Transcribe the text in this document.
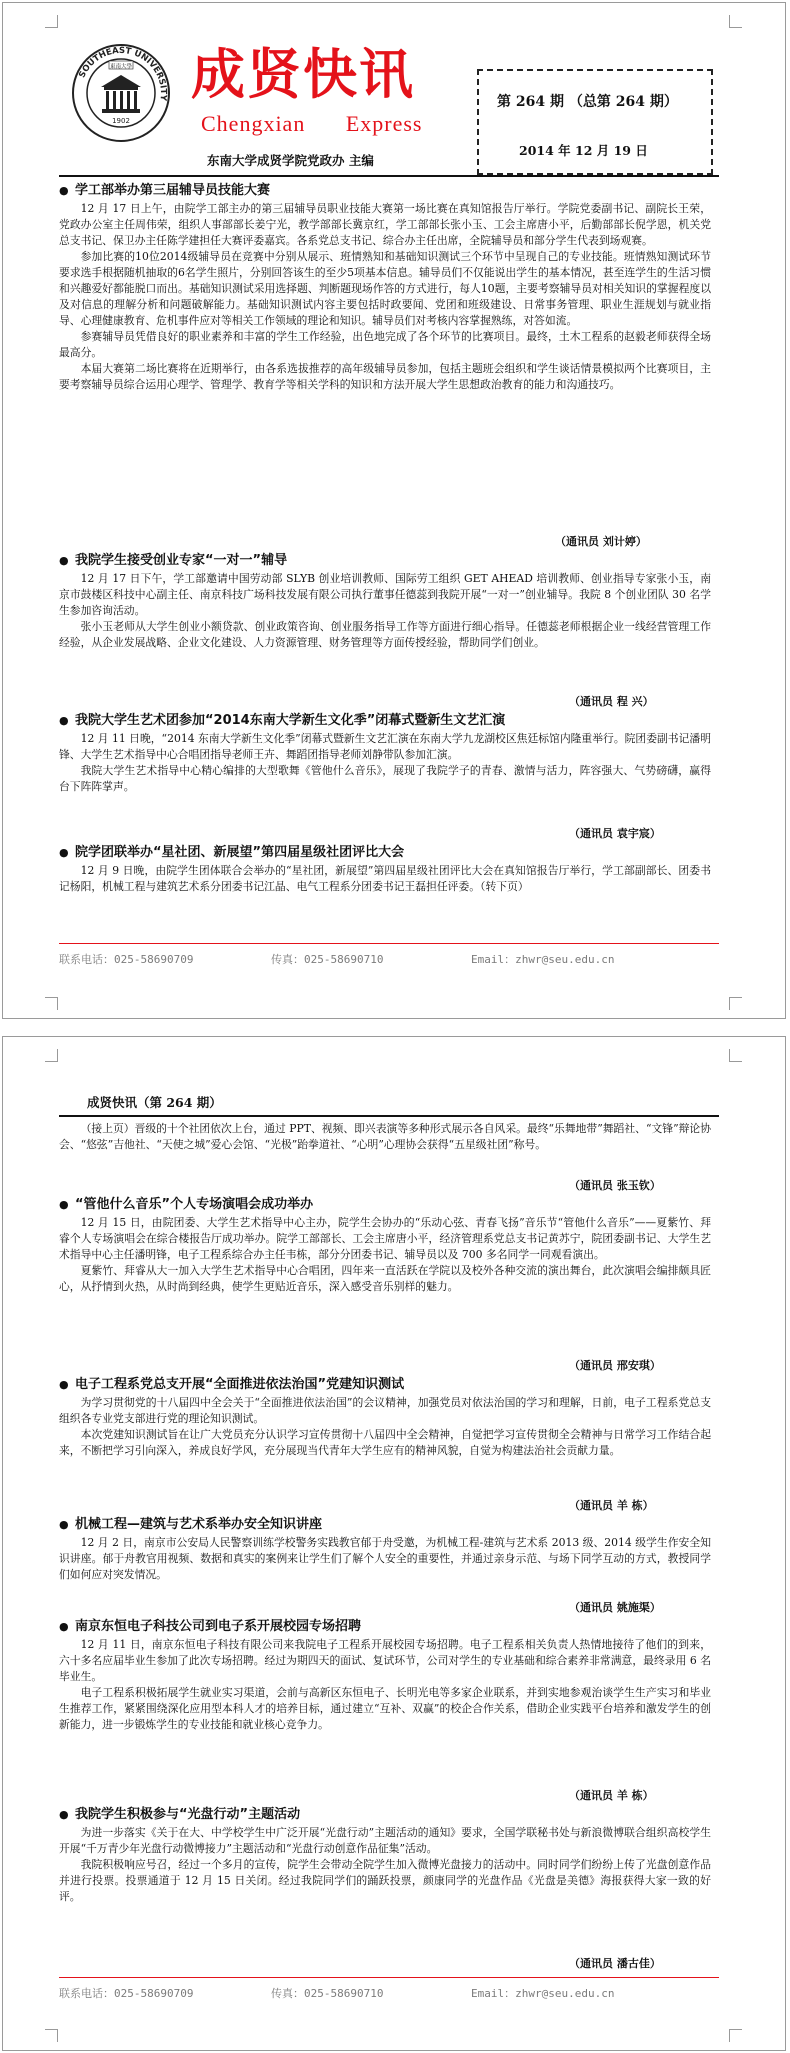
SOUTHEAST UNIVERSITY
東南大學
1902
成贤快讯
Chengxian Express
东南大学成贤学院党政办 主编
第 264 期 （总第 264 期）
2014 年 12 月 19 日
● 学工部举办第三届辅导员技能大赛

12 月 17 日上午，由院学工部主办的第三届辅导员职业技能大赛第一场比赛在真知馆报告厅举行。学院党委副书记、副院长王荣，党政办公室主任周伟荣，组织人事部部长姜宁光，教学部部长冀京红，学工部部长张小玉、工会主席唐小平，后勤部部长倪学恩，机关党总支书记、保卫办主任陈学建担任大赛评委嘉宾。各系党总支书记、综合办主任出席，全院辅导员和部分学生代表到场观赛。

参加比赛的10位2014级辅导员在竞赛中分别从展示、班情熟知和基础知识测试三个环节中呈现自己的专业技能。班情熟知测试环节要求选手根据随机抽取的6名学生照片，分别回答该生的至少5项基本信息。辅导员们不仅能说出学生的基本情况，甚至连学生的生活习惯和兴趣爱好都能脱口而出。基础知识测试采用选择题、判断题现场作答的方式进行，每人10题，主要考察辅导员对相关知识的掌握程度以及对信息的理解分析和问题破解能力。基础知识测试内容主要包括时政要闻、党团和班级建设、日常事务管理、职业生涯规划与就业指导、心理健康教育、危机事件应对等相关工作领域的理论和知识。辅导员们对考核内容掌握熟练，对答如流。

参赛辅导员凭借良好的职业素养和丰富的学生工作经验，出色地完成了各个环节的比赛项目。最终，土木工程系的赵毅老师获得全场最高分。

本届大赛第二场比赛将在近期举行，由各系选拔推荐的高年级辅导员参加，包括主题班会组织和学生谈话情景模拟两个比赛项目，主要考察辅导员综合运用心理学、管理学、教育学等相关学科的知识和方法开展大学生思想政治教育的能力和沟通技巧。

（通讯员 刘计婷）
● 我院学生接受创业专家“一对一”辅导

12 月 17 日下午，学工部邀请中国劳动部 SLYB 创业培训教师、国际劳工组织 GET AHEAD 培训教师、创业指导专家张小玉，南京市鼓楼区科技中心副主任、南京科技广场科技发展有限公司执行董事任德蕊到我院开展“一对一”创业辅导。我院 8 个创业团队 30 名学生参加咨询活动。

张小玉老师从大学生创业小额贷款、创业政策咨询、创业服务指导工作等方面进行细心指导。任德蕊老师根据企业一线经营管理工作经验，从企业发展战略、企业文化建设、人力资源管理、财务管理等方面传授经验，帮助同学们创业。

（通讯员 程 兴）
● 我院大学生艺术团参加“2014东南大学新生文化季”闭幕式暨新生文艺汇演

12 月 11 日晚，“2014 东南大学新生文化季”闭幕式暨新生文艺汇演在东南大学九龙湖校区焦廷标馆内隆重举行。院团委副书记潘明锋、大学生艺术指导中心合唱团指导老师王卉、舞蹈团指导老师刘静带队参加汇演。

我院大学生艺术指导中心精心编排的大型歌舞《管他什么音乐》，展现了我院学子的青春、激情与活力，阵容强大、气势磅礴，赢得台下阵阵掌声。

（通讯员 袁宇宸）
● 院学团联举办“星社团、新展望”第四届星级社团评比大会

12 月 9 日晚，由院学生团体联合会举办的“星社团，新展望”第四届星级社团评比大会在真知馆报告厅举行，学工部副部长、团委书记杨阳，机械工程与建筑艺术系分团委书记江晶、电气工程系分团委书记王磊担任评委。（转下页）

联系电话：025-58690709	传真：025-58690710	Email：zhwr@seu.edu.cn
成贤快讯（第 264 期）

（接上页）晋级的十个社团依次上台，通过 PPT、视频、即兴表演等多种形式展示各自风采。最终“乐舞地带”舞蹈社、“文锋”辩论协会、“悠弦”吉他社、“天使之城”爱心会馆、“光极”跆拳道社、“心明”心理协会获得“五星级社团”称号。

（通讯员 张玉钦）
● “管他什么音乐”个人专场演唱会成功举办

12 月 15 日，由院团委、大学生艺术指导中心主办，院学生会协办的“乐动心弦、青春飞扬”音乐节“管他什么音乐”——夏紫竹、拜睿个人专场演唱会在综合楼报告厅成功举办。院学工部部长、工会主席唐小平，经济管理系党总支书记黄苏宁，院团委副书记、大学生艺术指导中心主任潘明锋，电子工程系综合办主任韦栋，部分分团委书记、辅导员以及 700 多名同学一同观看演出。

夏紫竹、拜睿从大一加入大学生艺术指导中心合唱团，四年来一直活跃在学院以及校外各种交流的演出舞台，此次演唱会编排颇具匠心，从抒情到火热，从时尚到经典，使学生更贴近音乐，深入感受音乐别样的魅力。

（通讯员 邢安琪）
● 电子工程系党总支开展“全面推进依法治国”党建知识测试

为学习贯彻党的十八届四中全会关于“全面推进依法治国”的会议精神，加强党员对依法治国的学习和理解，日前，电子工程系党总支组织各专业党支部进行党的理论知识测试。

本次党建知识测试旨在让广大党员充分认识学习宣传贯彻十八届四中全会精神，自觉把学习宣传贯彻全会精神与日常学习工作结合起来，不断把学习引向深入，养成良好学风，充分展现当代青年大学生应有的精神风貌，自觉为构建法治社会贡献力量。

（通讯员 羊 栋）
● 机械工程—建筑与艺术系举办安全知识讲座

12 月 2 日，南京市公安局人民警察训练学校警务实践教官郁于舟受邀，为机械工程-建筑与艺术系 2013 级、2014 级学生作安全知识讲座。郁于舟教官用视频、数据和真实的案例来让学生们了解个人安全的重要性，并通过亲身示范、与场下同学互动的方式，教授同学们如何应对突发情况。

（通讯员 姚施渠）
● 南京东恒电子科技公司到电子系开展校园专场招聘

12 月 11 日，南京东恒电子科技有限公司来我院电子工程系开展校园专场招聘。电子工程系相关负责人热情地接待了他们的到来，六十多名应届毕业生参加了此次专场招聘。经过为期四天的面试、复试环节，公司对学生的专业基础和综合素养非常满意，最终录用 6 名毕业生。

电子工程系积极拓展学生就业实习渠道，会前与高新区东恒电子、长明光电等多家企业联系，并到实地参观治谈学生生产实习和毕业生推荐工作，紧紧围绕深化应用型本科人才的培养目标，通过建立“互补、双赢”的校企合作关系，借助企业实践平台培养和激发学生的创新能力，进一步锻炼学生的专业技能和就业核心竞争力。

（通讯员 羊 栋）
● 我院学生积极参与“光盘行动”主题活动

为进一步落实《关于在大、中学校学生中广泛开展“光盘行动”主题活动的通知》要求，全国学联秘书处与新浪微博联合组织高校学生开展“千万青少年光盘行动微博接力”主题活动和“光盘行动创意作品征集”活动。

我院积极响应号召，经过一个多月的宣传，院学生会带动全院学生加入微博光盘接力的活动中。同时同学们纷纷上传了光盘创意作品并进行投票。投票通道于 12 月 15 日关闭。经过我院同学们的踊跃投票，颜康同学的光盘作品《光盘是美德》海报获得大家一致的好评。

（通讯员 潘古佳）
联系电话：025-58690709	传真：025-58690710	Email：zhwr@seu.edu.cn
